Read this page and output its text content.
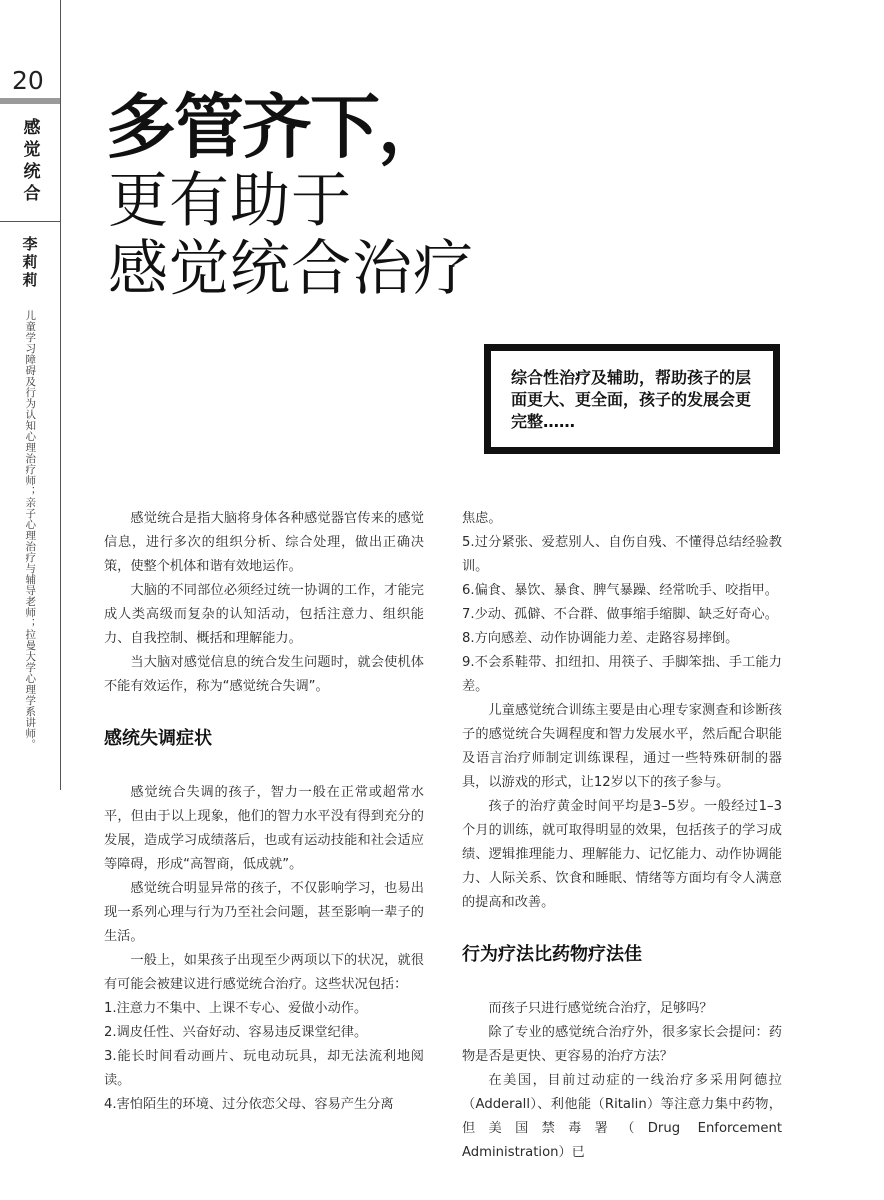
20
感觉统合
李莉莉
儿童学习障碍及行为认知心理治疗师；亲子心理治疗与辅导老师；拉曼大学心理学系讲师。
多管齐下，
更有助于
感觉统合治疗
综合性治疗及辅助，帮助孩子的层面更大、更全面，孩子的发展会更完整……

感觉统合是指大脑将身体各种感觉器官传来的感觉信息，进行多次的组织分析、综合处理，做出正确决策，使整个机体和谐有效地运作。

大脑的不同部位必须经过统一协调的工作，才能完成人类高级而复杂的认知活动，包括注意力、组织能力、自我控制、概括和理解能力。

当大脑对感觉信息的统合发生问题时，就会使机体不能有效运作，称为“感觉统合失调”。

感统失调症状

感觉统合失调的孩子，智力一般在正常或超常水平，但由于以上现象，他们的智力水平没有得到充分的发展，造成学习成绩落后，也或有运动技能和社会适应等障碍，形成“高智商，低成就”。

感觉统合明显异常的孩子，不仅影响学习，也易出现一系列心理与行为乃至社会问题，甚至影响一辈子的生活。

一般上，如果孩子出现至少两项以下的状况，就很有可能会被建议进行感觉统合治疗。这些状况包括：

1.注意力不集中、上课不专心、爱做小动作。

2.调皮任性、兴奋好动、容易违反课堂纪律。

3.能长时间看动画片、玩电动玩具，却无法流利地阅读。

4.害怕陌生的环境、过分依恋父母、容易产生分离

焦虑。

5.过分紧张、爱惹别人、自伤自残、不懂得总结经验教训。

6.偏食、暴饮、暴食、脾气暴躁、经常吮手、咬指甲。

7.少动、孤僻、不合群、做事缩手缩脚、缺乏好奇心。

8.方向感差、动作协调能力差、走路容易摔倒。

9.不会系鞋带、扣纽扣、用筷子、手脚笨拙、手工能力差。

儿童感觉统合训练主要是由心理专家测查和诊断孩子的感觉统合失调程度和智力发展水平，然后配合职能及语言治疗师制定训练课程，通过一些特殊研制的器具，以游戏的形式，让12岁以下的孩子参与。

孩子的治疗黄金时间平均是3–5岁。一般经过1–3个月的训练，就可取得明显的效果，包括孩子的学习成绩、逻辑推理能力、理解能力、记忆能力、动作协调能力、人际关系、饮食和睡眠、情绪等方面均有令人满意的提高和改善。

行为疗法比药物疗法佳

而孩子只进行感觉统合治疗，足够吗？

除了专业的感觉统合治疗外，很多家长会提问：药物是否是更快、更容易的治疗方法？

在美国，目前过动症的一线治疗多采用阿德拉（Adderall）、利他能（Ritalin）等注意力集中药物，但美国禁毒署（Drug Enforcement Administration）已
